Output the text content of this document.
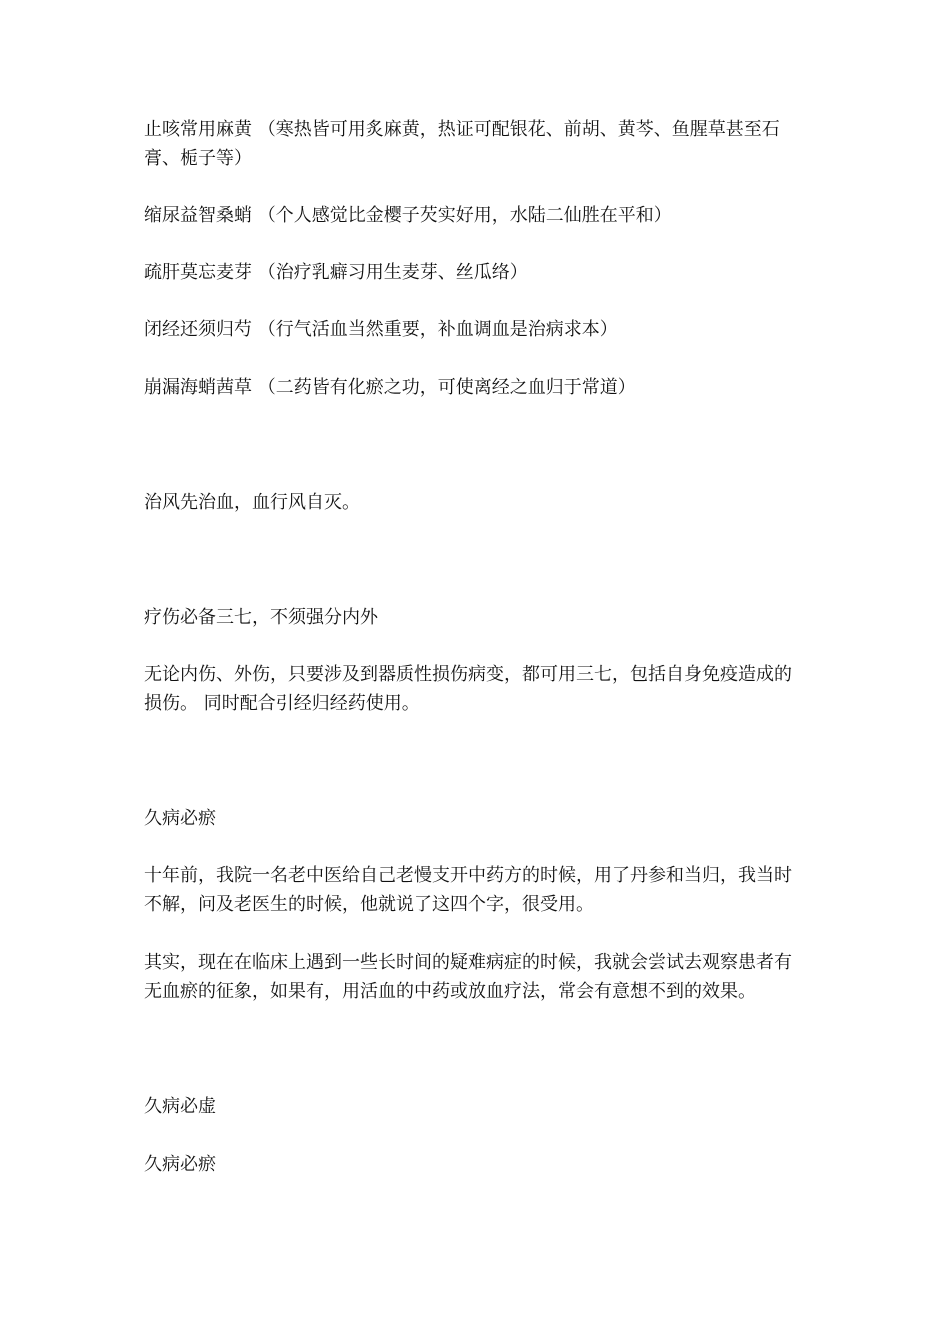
止咳常用麻黄 （寒热皆可用炙麻黄，热证可配银花、前胡、黄芩、鱼腥草甚至石膏、栀子等）

缩尿益智桑蛸 （个人感觉比金樱子芡实好用，水陆二仙胜在平和）

疏肝莫忘麦芽 （治疗乳癖习用生麦芽、丝瓜络）

闭经还须归芍 （行气活血当然重要，补血调血是治病求本）

崩漏海蛸茜草 （二药皆有化瘀之功，可使离经之血归于常道）

治风先治血，血行风自灭。

疗伤必备三七，不须强分内外

无论内伤、外伤，只要涉及到器质性损伤病变，都可用三七，包括自身免疫造成的损伤。 同时配合引经归经药使用。

久病必瘀

十年前，我院一名老中医给自己老慢支开中药方的时候，用了丹参和当归，我当时不解，问及老医生的时候，他就说了这四个字，很受用。

其实，现在在临床上遇到一些长时间的疑难病症的时候，我就会尝试去观察患者有无血瘀的征象，如果有，用活血的中药或放血疗法，常会有意想不到的效果。

久病必虚

久病必瘀
